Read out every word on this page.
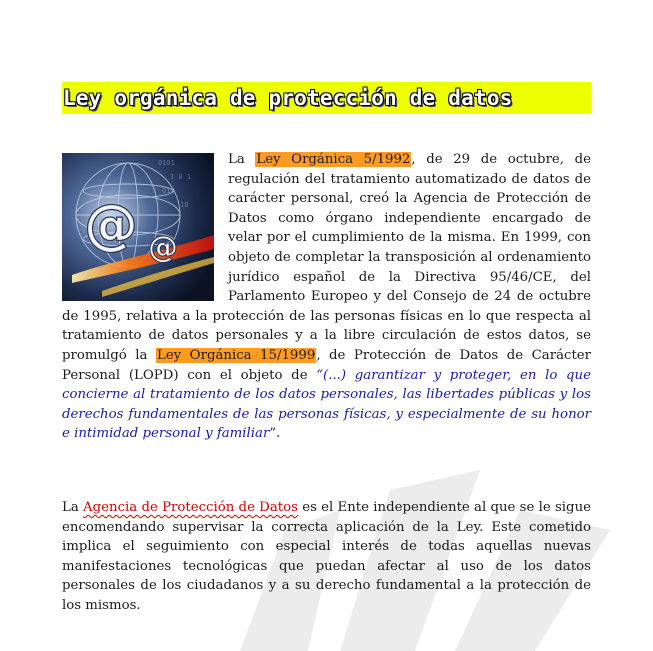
Ley orgánica de protección de datos
La Ley Orgánica 5/1992
0101
1 0 1
010
10
@ @
, de 29 de octubre, de regulación del tratamiento automatizado de datos de carácter personal, creó la Agencia de Protección de Datos como órgano independiente encargado de velar por el cumplimiento de la misma. En 1999, con objeto de completar la transposición al ordenamiento jurídico español de la Directiva 95/46/CE, del Parlamento Europeo y del Consejo de 24 de octubre de 1995, relativa a la protección de las personas físicas en lo que respecta al tratamiento de datos personales y a la libre circulación de estos datos, se promulgó la Ley Orgánica 15/1999, de Protección de Datos de Carácter Personal (LOPD) con el objeto de “(...) garantizar y proteger, en lo que concierne al tratamiento de los datos personales, las libertades públicas y los derechos fundamentales de las personas físicas, y especialmente de su honor e intimidad personal y familiar”.
La Agencia de Protección de Datos es el Ente independiente al que se le sigue encomendando supervisar la correcta aplicación de la Ley. Este cometido implica el seguimiento con especial interés de todas aquellas nuevas manifestaciones tecnológicas que puedan afectar al uso de los datos personales de los ciudadanos y a su derecho fundamental a la protección de los mismos.
